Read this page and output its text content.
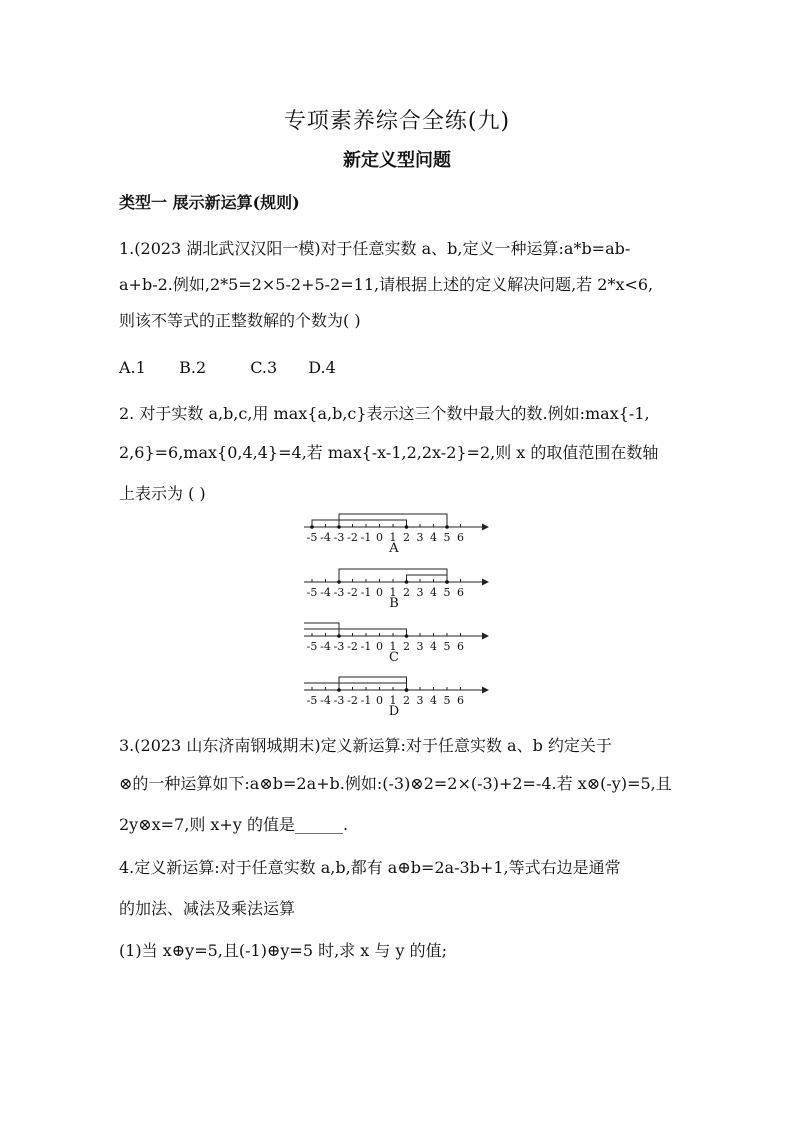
专项素养综合全练(九)
新定义型问题
类型一 展示新运算(规则)
1.(2023 湖北武汉汉阳一模)对于任意实数 a、b,定义一种运算:a*b=ab-
a+b-2.例如,2*5=2×5-2+5-2=11,请根据上述的定义解决问题,若 2*x<6,
则该不等式的正整数解的个数为( )
A.1 B.2	C.3 D.4
2. 对于实数 a,b,c,用 max{a,b,c}表示这三个数中最大的数.例如:max{-1,
2,6}=6,max{0,4,4}=4,若 max{-x-1,2,2x-2}=2,则 x 的取值范围在数轴
上表示为 ( )
-5 -4 -3 -2 -1 0 1 2 3 4 5 6
A
-5 -4 -3 -2 -1 0 1 2 3 4 5 6
B
-5 -4 -3 -2 -1 0 1 2 3 4 5 6
C
-5 -4 -3 -2 -1 0 1 2 3 4 5 6
D
3.(2023 山东济南钢城期末)定义新运算:对于任意实数 a、b 约定关于
⊗的一种运算如下:a⊗b=2a+b.例如:(-3)⊗2=2×(-3)+2=-4.若 x⊗(-y)=5,且
2y⊗x=7,则 x+y 的值是______.
4.定义新运算:对于任意实数 a,b,都有 a⊕b=2a-3b+1,等式右边是通常
的加法、减法及乘法运算
(1)当 x⊕y=5,且(-1)⊕y=5 时,求 x 与 y 的值;
